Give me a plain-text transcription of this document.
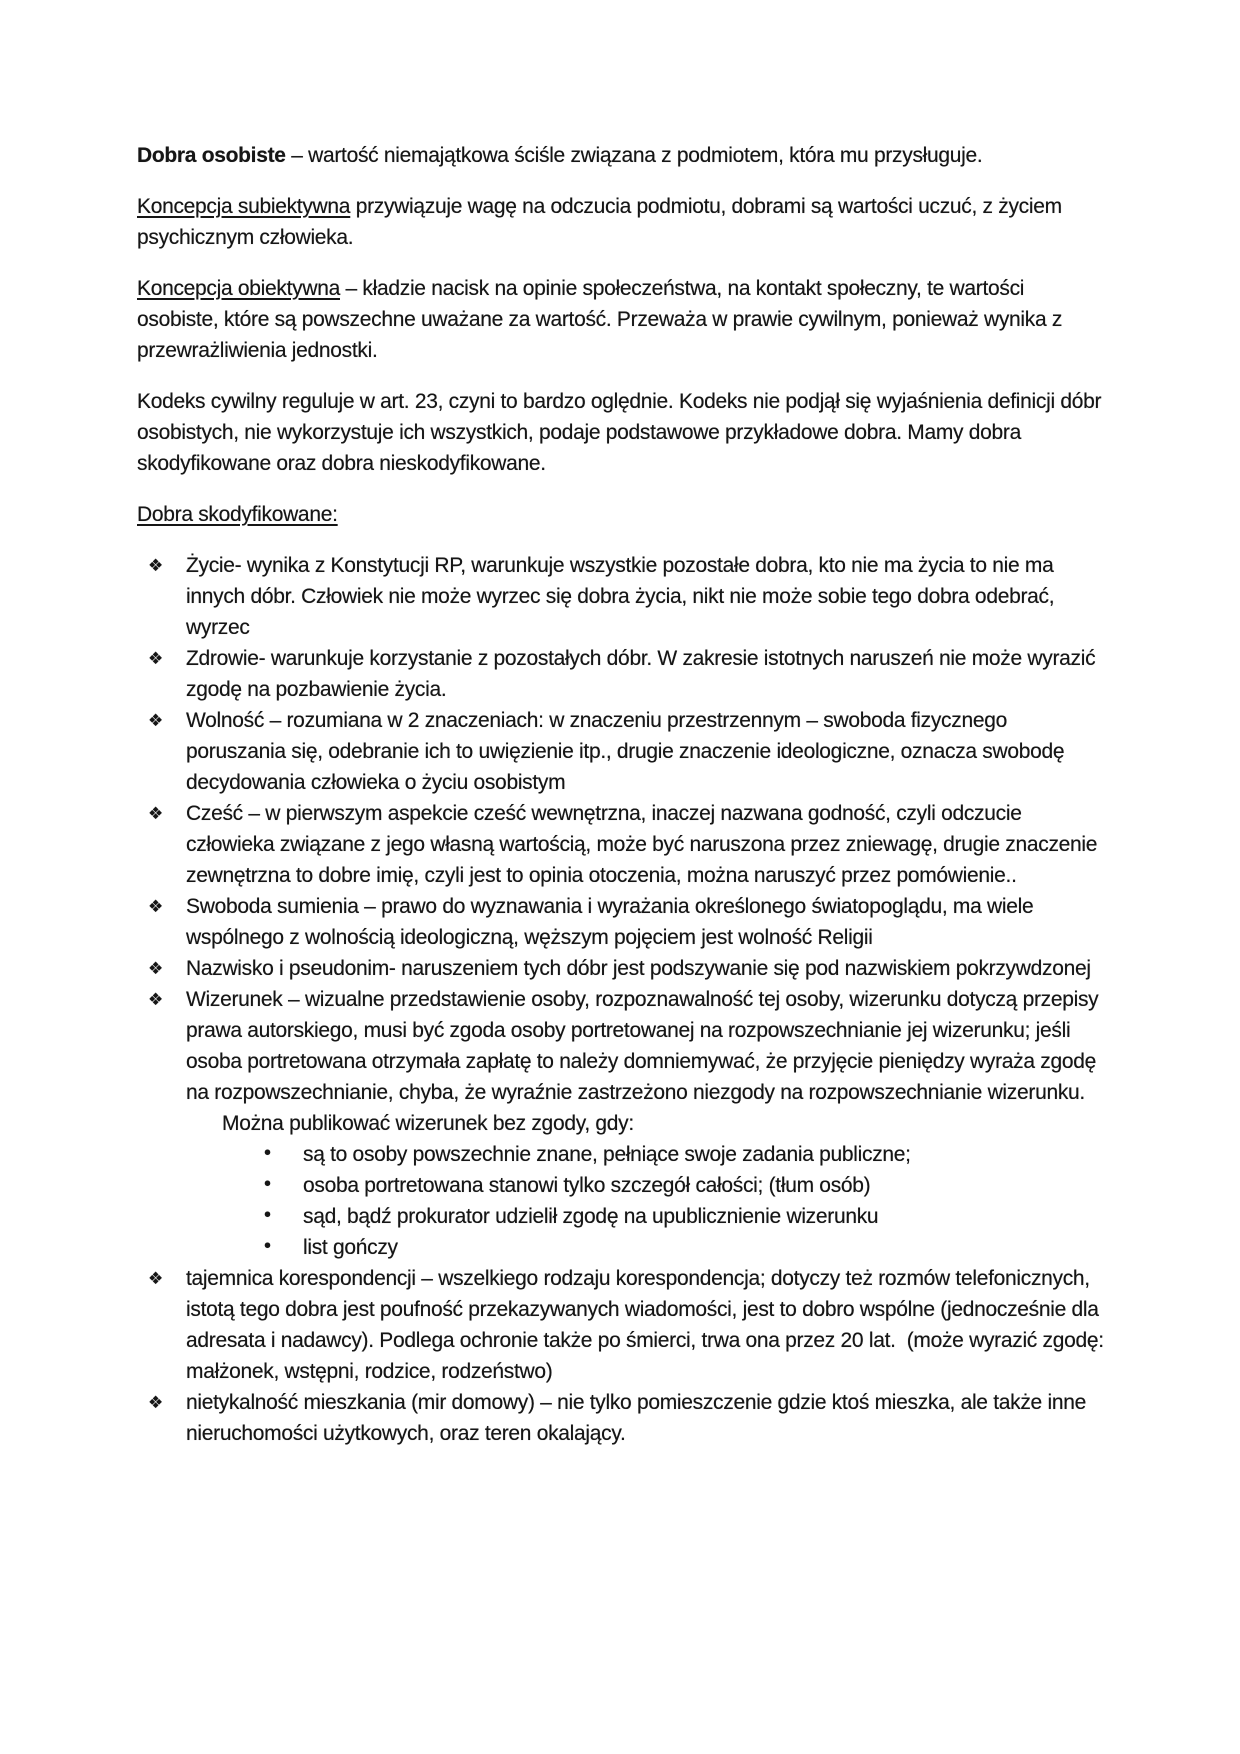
Dobra osobiste – wartość niemajątkowa ściśle związana z podmiotem, która mu przysługuje.

Koncepcja subiektywna przywiązuje wagę na odczucia podmiotu, dobrami są wartości uczuć, z życiem psychicznym człowieka.

Koncepcja obiektywna – kładzie nacisk na opinie społeczeństwa, na kontakt społeczny, te wartości osobiste, które są powszechne uważane za wartość. Przeważa w prawie cywilnym, ponieważ wynika z przewrażliwienia jednostki.

Kodeks cywilny reguluje w art. 23, czyni to bardzo oględnie. Kodeks nie podjął się wyjaśnienia definicji dóbr osobistych, nie wykorzystuje ich wszystkich, podaje podstawowe przykładowe dobra. Mamy dobra skodyfikowane oraz dobra nieskodyfikowane.

Dobra skodyfikowane:

❖ Życie- wynika z Konstytucji RP, warunkuje wszystkie pozostałe dobra, kto nie ma życia to nie ma innych dóbr. Człowiek nie może wyrzec się dobra życia, nikt nie może sobie tego dobra odebrać, wyrzec
❖ Zdrowie- warunkuje korzystanie z pozostałych dóbr. W zakresie istotnych naruszeń nie może wyrazić zgodę na pozbawienie życia.
❖ Wolność – rozumiana w 2 znaczeniach: w znaczeniu przestrzennym – swoboda fizycznego poruszania się, odebranie ich to uwięzienie itp., drugie znaczenie ideologiczne, oznacza swobodę decydowania człowieka o życiu osobistym
❖ Cześć – w pierwszym aspekcie cześć wewnętrzna, inaczej nazwana godność, czyli odczucie człowieka związane z jego własną wartością, może być naruszona przez zniewagę, drugie znaczenie zewnętrzna to dobre imię, czyli jest to opinia otoczenia, można naruszyć przez pomówienie..
❖ Swoboda sumienia – prawo do wyznawania i wyrażania określonego światopoglądu, ma wiele wspólnego z wolnością ideologiczną, węższym pojęciem jest wolność Religii
❖ Nazwisko i pseudonim- naruszeniem tych dóbr jest podszywanie się pod nazwiskiem pokrzywdzonej
❖ Wizerunek – wizualne przedstawienie osoby, rozpoznawalność tej osoby, wizerunku dotyczą przepisy prawa autorskiego, musi być zgoda osoby portretowanej na rozpowszechnianie jej wizerunku; jeśli osoba portretowana otrzymała zapłatę to należy domniemywać, że przyjęcie pieniędzy wyraża zgodę na rozpowszechnianie, chyba, że wyraźnie zastrzeżono niezgody na rozpowszechnianie wizerunku.
Można publikować wizerunek bez zgody, gdy:
• są to osoby powszechnie znane, pełniące swoje zadania publiczne;
• osoba portretowana stanowi tylko szczegół całości; (tłum osób)
• sąd, bądź prokurator udzielił zgodę na upublicznienie wizerunku
• list gończy
❖ tajemnica korespondencji – wszelkiego rodzaju korespondencja; dotyczy też rozmów telefonicznych, istotą tego dobra jest poufność przekazywanych wiadomości, jest to dobro wspólne (jednocześnie dla adresata i nadawcy). Podlega ochronie także po śmierci, trwa ona przez 20 lat.  (może wyrazić zgodę: małżonek, wstępni, rodzice, rodzeństwo)
❖ nietykalność mieszkania (mir domowy) – nie tylko pomieszczenie gdzie ktoś mieszka, ale także inne nieruchomości użytkowych, oraz teren okalający.
